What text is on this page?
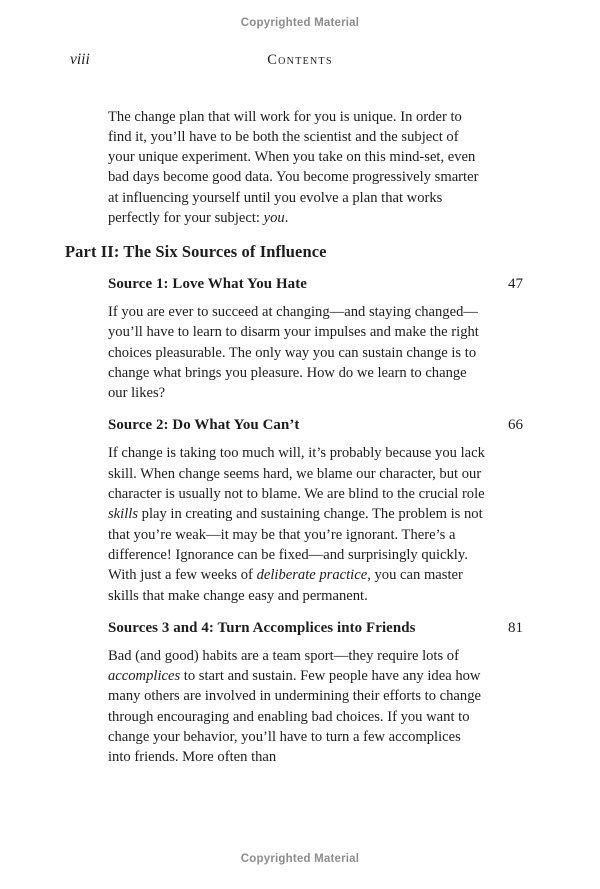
Copyrighted Material
viii	Contents

The change plan that will work for you is unique. In order to find it, you’ll have to be both the scientist and the subject of your unique experiment. When you take on this mind-set, even bad days become good data. You become progressively smarter at influencing yourself until you evolve a plan that works perfectly for your subject: you.

Part II: The Six Sources of Influence
Source 1: Love What You Hate	47

If you are ever to succeed at changing—and staying changed—you’ll have to learn to disarm your impulses and make the right choices pleasurable. The only way you can sustain change is to change what brings you pleasure. How do we learn to change our likes?

Source 2: Do What You Can’t	66

If change is taking too much will, it’s probably because you lack skill. When change seems hard, we blame our character, but our character is usually not to blame. We are blind to the crucial role skills play in creating and sustaining change. The problem is not that you’re weak—it may be that you’re ignorant. There’s a difference! Ignorance can be fixed—and surprisingly quickly. With just a few weeks of deliberate practice, you can master skills that make change easy and permanent.

Sources 3 and 4: Turn Accomplices into Friends	81

Bad (and good) habits are a team sport—they require lots of accomplices to start and sustain. Few people have any idea how many others are involved in undermining their efforts to change through encouraging and enabling bad choices. If you want to change your behavior, you’ll have to turn a few accomplices into friends. More often than

Copyrighted Material
